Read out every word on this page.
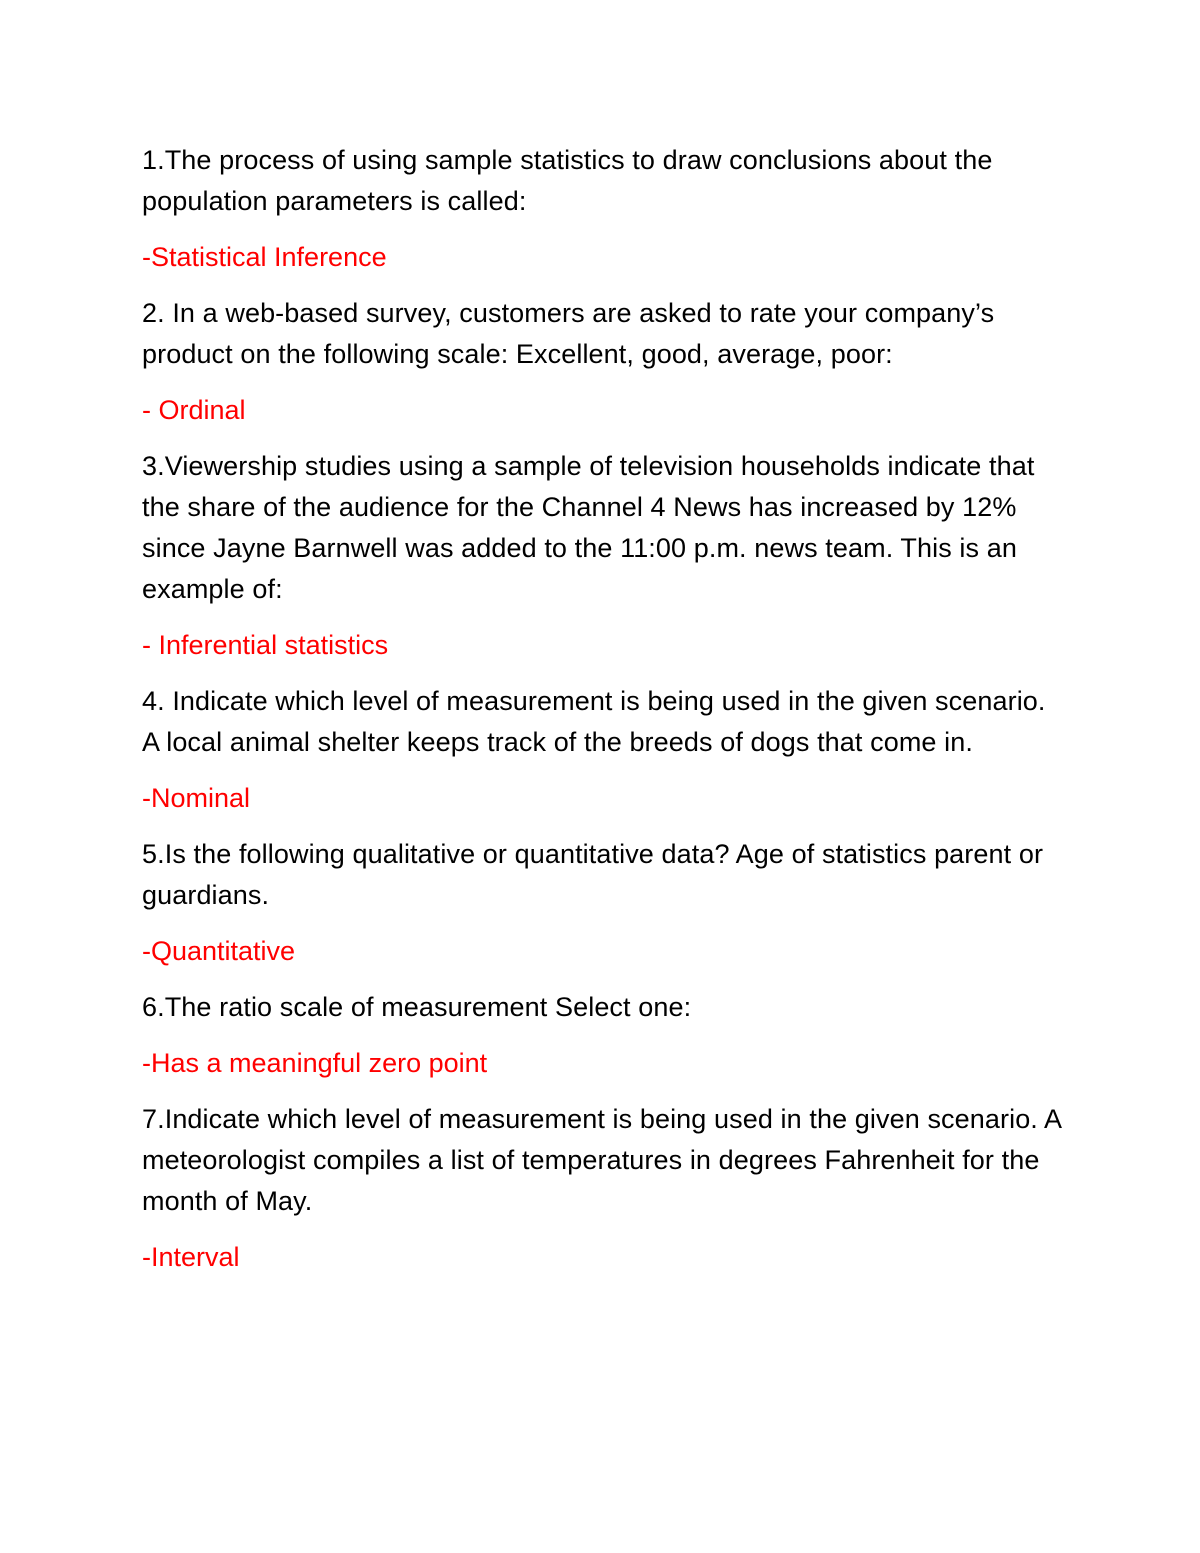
1.The process of using sample statistics to draw conclusions about the population parameters is called:

-Statistical Inference

2. In a web-based survey, customers are asked to rate your company’s product on the following scale: Excellent, good, average, poor:

- Ordinal

3.Viewership studies using a sample of television households indicate that the share of the audience for the Channel 4 News has increased by 12% since Jayne Barnwell was added to the 11:00 p.m. news team. This is an example of:

- Inferential statistics

4. Indicate which level of measurement is being used in the given scenario. A local animal shelter keeps track of the breeds of dogs that come in.

-Nominal

5.Is the following qualitative or quantitative data? Age of statistics parent or guardians.

-Quantitative

6.The ratio scale of measurement Select one:

-Has a meaningful zero point

7.Indicate which level of measurement is being used in the given scenario. A meteorologist compiles a list of temperatures in degrees Fahrenheit for the month of May.

-Interval
